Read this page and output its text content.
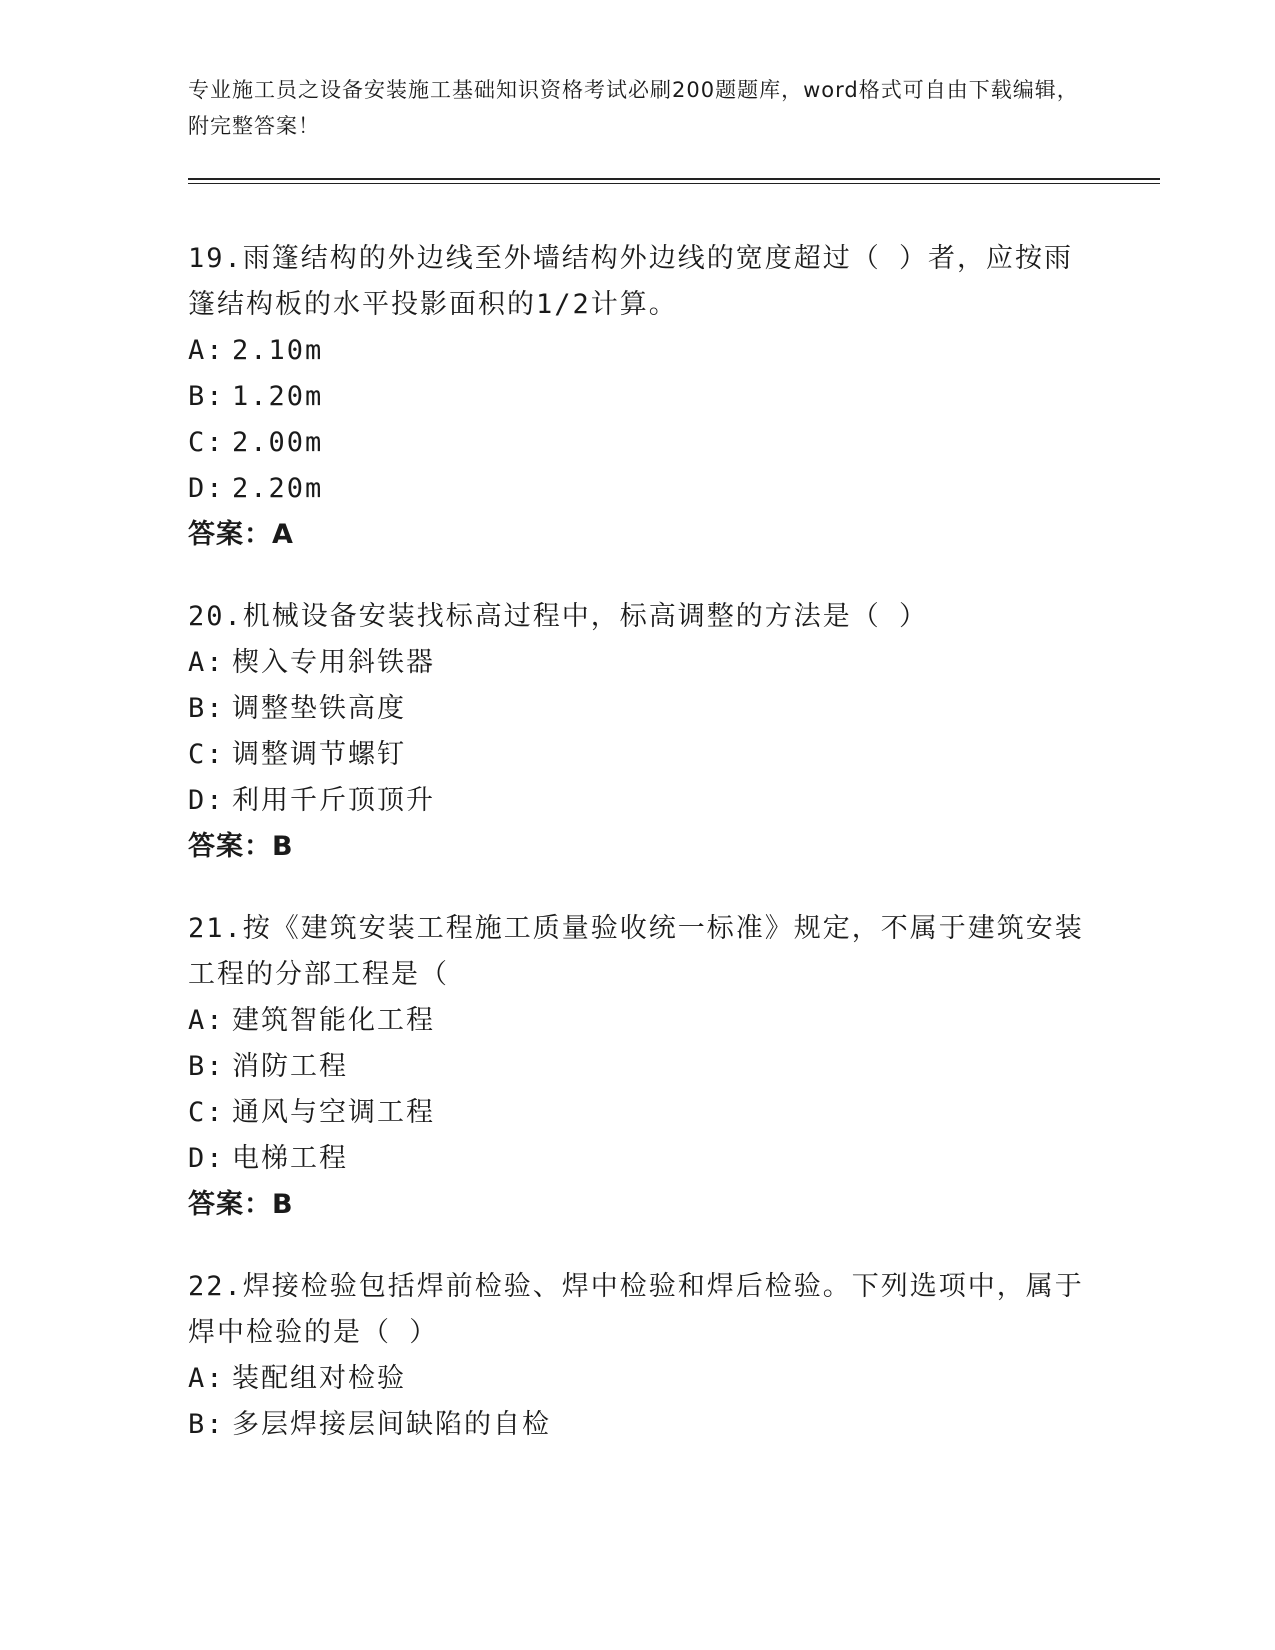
专业施工员之设备安装施工基础知识资格考试必刷200题题库，word格式可自由下载编辑，附完整答案！
19.雨篷结构的外边线至外墙结构外边线的宽度超过（ ）者，应按雨篷结构板的水平投影面积的1/2计算。
A: 2.10m
B: 1.20m
C: 2.00m
D: 2.20m
答案：A
20.机械设备安装找标高过程中，标高调整的方法是（ ）
A: 楔入专用斜铁器
B: 调整垫铁高度
C: 调整调节螺钉
D: 利用千斤顶顶升
答案：B
21.按《建筑安装工程施工质量验收统一标准》规定，不属于建筑安装工程的分部工程是（
A: 建筑智能化工程
B: 消防工程
C: 通风与空调工程
D: 电梯工程
答案：B
22.焊接检验包括焊前检验、焊中检验和焊后检验。下列选项中，属于焊中检验的是（ ）
A: 装配组对检验
B: 多层焊接层间缺陷的自检
